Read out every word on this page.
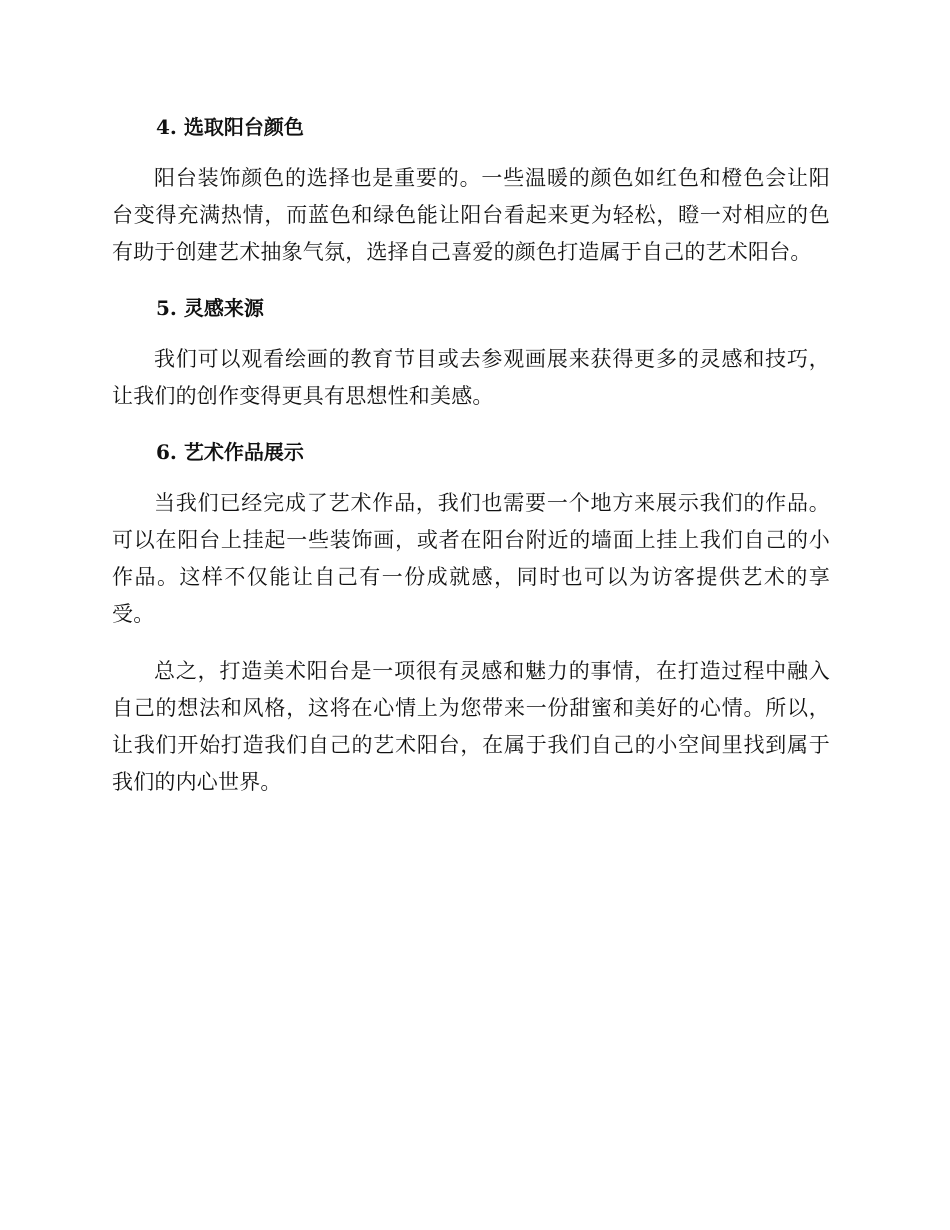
4. 选取阳台颜色

阳台装饰颜色的选择也是重要的。一些温暖的颜色如红色和橙色会让阳台变得充满热情，而蓝色和绿色能让阳台看起来更为轻松，瞪一对相应的色有助于创建艺术抽象气氛，选择自己喜爱的颜色打造属于自己的艺术阳台。

5. 灵感来源

我们可以观看绘画的教育节目或去参观画展来获得更多的灵感和技巧，让我们的创作变得更具有思想性和美感。

6. 艺术作品展示

当我们已经完成了艺术作品，我们也需要一个地方来展示我们的作品。可以在阳台上挂起一些装饰画，或者在阳台附近的墙面上挂上我们自己的小作品。这样不仅能让自己有一份成就感，同时也可以为访客提供艺术的享受。

总之，打造美术阳台是一项很有灵感和魅力的事情，在打造过程中融入自己的想法和风格，这将在心情上为您带来一份甜蜜和美好的心情。所以，让我们开始打造我们自己的艺术阳台，在属于我们自己的小空间里找到属于我们的内心世界。
